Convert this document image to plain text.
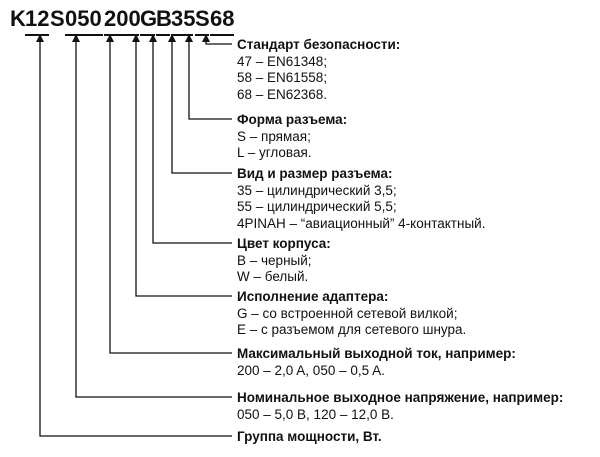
K 12 S 050 200 G
B 35 S 68
Стандарт безопасности:
47 – EN61348;
58 – EN61558;
68 – EN62368.
Форма разъема:
S – прямая;
L – угловая.
Вид и размер разъема:
35 – цилиндрический 3,5;
55 – цилиндрический 5,5;
4PINAH – “авиационный” 4-контактный.
Цвет корпуса:
B – черный;
W – белый.
Исполнение адаптера:
G – со встроенной сетевой вилкой;
E – с разъемом для сетевого шнура.
Максимальный выходной ток, например:
200 – 2,0 A, 050 – 0,5 A.
Номинальное выходное напряжение, например:
050 – 5,0 В, 120 – 12,0 В.
Группа мощности, Вт.
